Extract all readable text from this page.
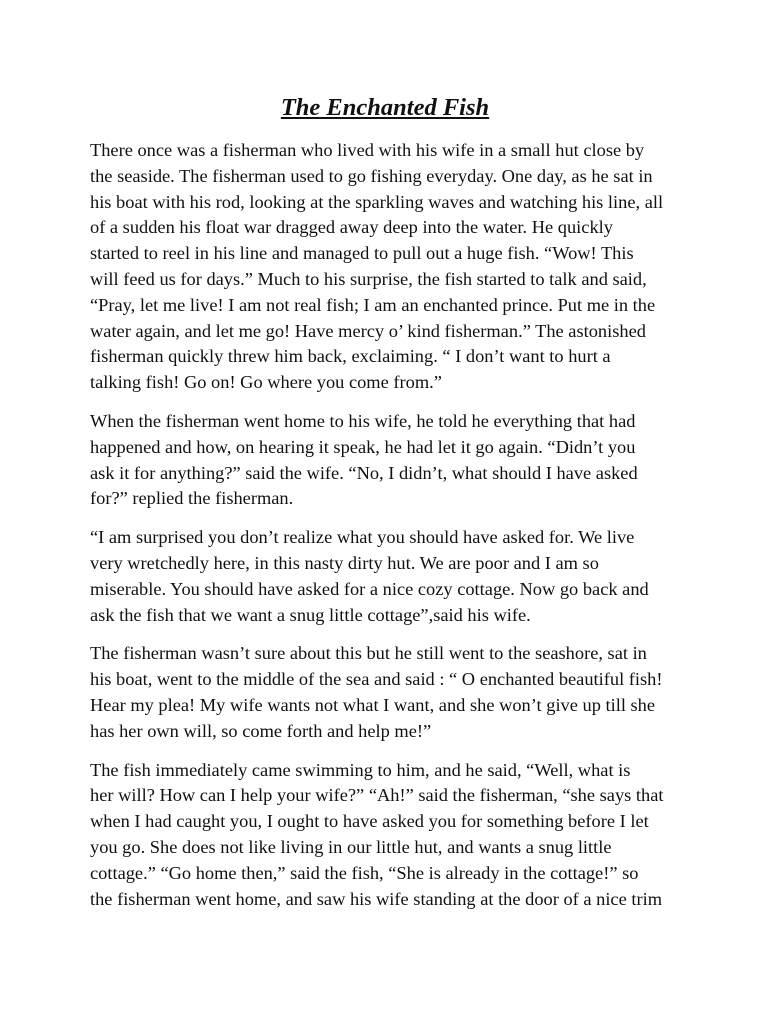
The Enchanted Fish
There once was a fisherman who lived with his wife in a small hut close by
the seaside. The fisherman used to go fishing everyday. One day, as he sat in
his boat with his rod, looking at the sparkling waves and watching his line, all
of a sudden his float war dragged away deep into the water. He quickly
started to reel in his line and managed to pull out a huge fish. “Wow! This
will feed us for days.” Much to his surprise, the fish started to talk and said,
“Pray, let me live! I am not real fish; I am an enchanted prince. Put me in the
water again, and let me go! Have mercy o’ kind fisherman.” The astonished
fisherman quickly threw him back, exclaiming. “ I don’t want to hurt a
talking fish! Go on! Go where you come from.”
When the fisherman went home to his wife, he told he everything that had
happened and how, on hearing it speak, he had let it go again. “Didn’t you
ask it for anything?” said the wife. “No, I didn’t, what should I have asked
for?” replied the fisherman.
“I am surprised you don’t realize what you should have asked for. We live
very wretchedly here, in this nasty dirty hut. We are poor and I am so
miserable. You should have asked for a nice cozy cottage. Now go back and
ask the fish that we want a snug little cottage”,said his wife.
The fisherman wasn’t sure about this but he still went to the seashore, sat in
his boat, went to the middle of the sea and said : “ O enchanted beautiful fish!
Hear my plea! My wife wants not what I want, and she won’t give up till she
has her own will, so come forth and help me!”
The fish immediately came swimming to him, and he said, “Well, what is
her will? How can I help your wife?” “Ah!” said the fisherman, “she says that
when I had caught you, I ought to have asked you for something before I let
you go. She does not like living in our little hut, and wants a snug little
cottage.” “Go home then,” said the fish, “She is already in the cottage!” so
the fisherman went home, and saw his wife standing at the door of a nice trim
